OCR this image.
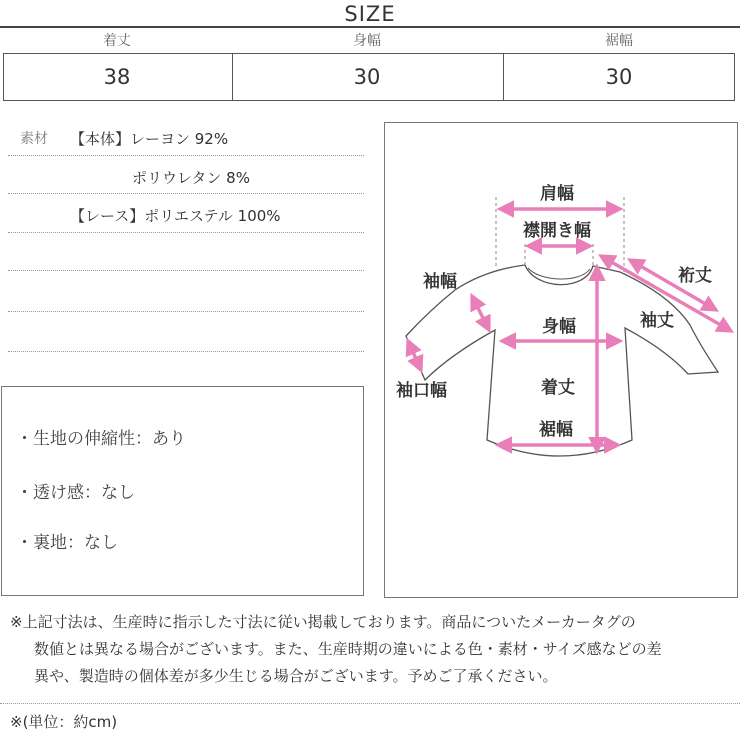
SIZE
着丈	身幅	裾幅
38	30	30
素材 【本体】レーヨン 92%
ポリウレタン 8%
【レース】ポリエステル 100%
・生地の伸縮性：あり
・透け感：なし
・裏地：なし
肩幅
襟開き幅
袖幅	裄丈
袖丈
身幅
袖口幅	着丈
裾幅
※上記寸法は、生産時に指示した寸法に従い掲載しております。商品についたメーカータグの
数値とは異なる場合がございます。また、生産時期の違いによる色・素材・サイズ感などの差
異や、製造時の個体差が多少生じる場合がございます。予めご了承ください。
※(単位：約cm)
